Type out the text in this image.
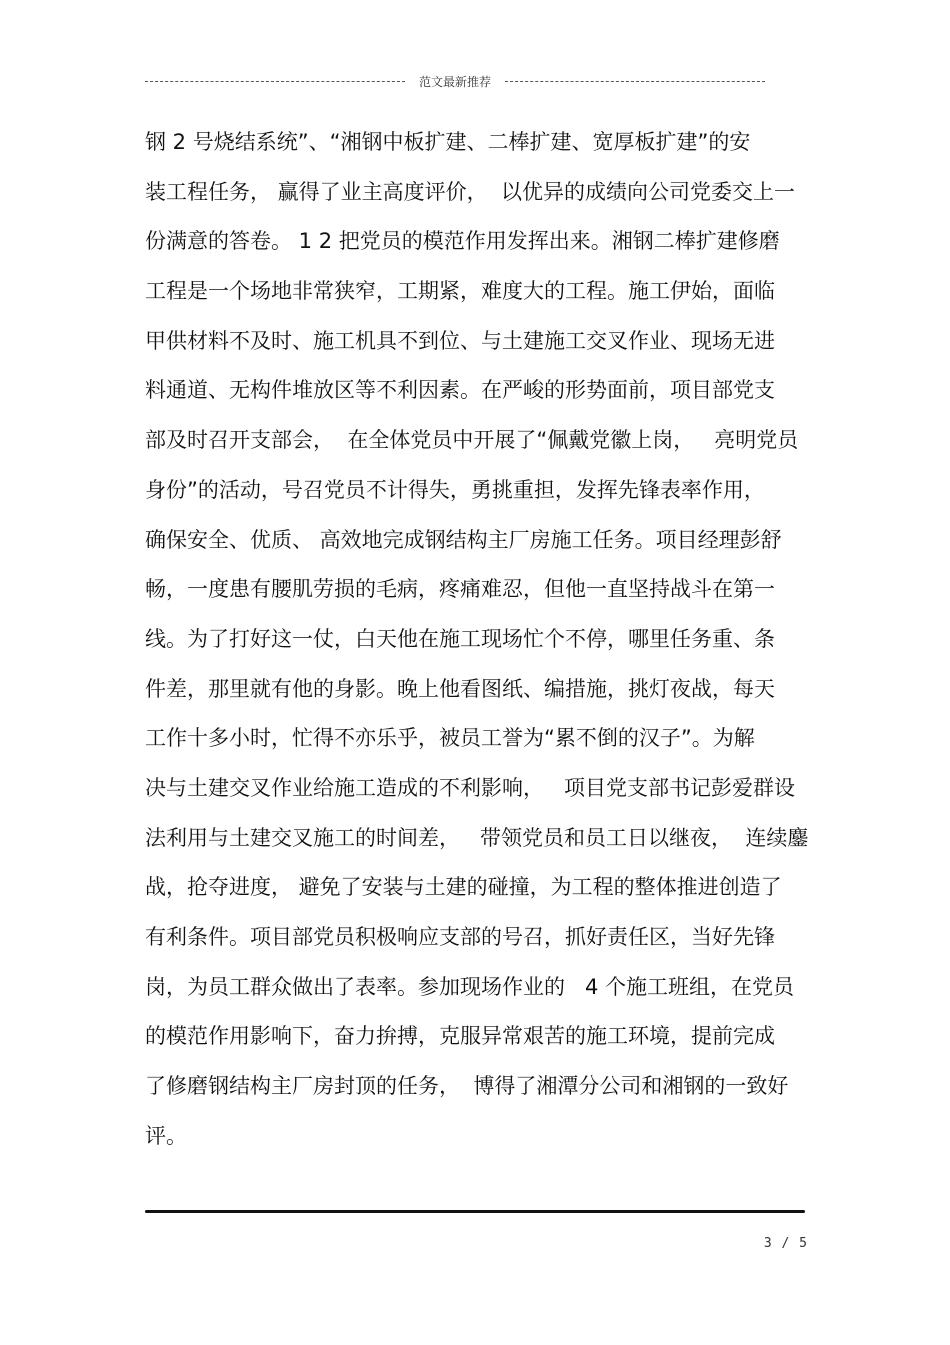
范文最新推荐
钢 2 号烧结系统”、“湘钢中板扩建、二棒扩建、宽厚板扩建”的安
装工程任务， 赢得了业主高度评价，  以优异的成绩向公司党委交上一
份满意的答卷。 1 2 把党员的模范作用发挥出来。湘钢二棒扩建修磨
工程是一个场地非常狭窄，工期紧，难度大的工程。施工伊始，面临
甲供材料不及时、施工机具不到位、与土建施工交叉作业、现场无进
料通道、无构件堆放区等不利因素。在严峻的形势面前，项目部党支
部及时召开支部会，  在全体党员中开展了“佩戴党徽上岗，   亮明党员
身份”的活动，号召党员不计得失，勇挑重担，发挥先锋表率作用，
确保安全、优质、 高效地完成钢结构主厂房施工任务。项目经理彭舒
畅，一度患有腰肌劳损的毛病，疼痛难忍，但他一直坚持战斗在第一
线。为了打好这一仗，白天他在施工现场忙个不停，哪里任务重、条
件差，那里就有他的身影。晚上他看图纸、编措施，挑灯夜战，每天
工作十多小时，忙得不亦乐乎，被员工誉为“累不倒的汉子”。为解
决与土建交叉作业给施工造成的不利影响，   项目党支部书记彭爱群设
法利用与土建交叉施工的时间差，   带领党员和员工日以继夜，  连续鏖
战，抢夺进度， 避免了安装与土建的碰撞，为工程的整体推进创造了
有利条件。项目部党员积极响应支部的号召，抓好责任区，当好先锋
岗，为员工群众做出了表率。参加现场作业的   4 个施工班组，在党员
的模范作用影响下，奋力拚搏，克服异常艰苦的施工环境，提前完成
了修磨钢结构主厂房封顶的任务，  博得了湘潭分公司和湘钢的一致好
评。
3 / 5
